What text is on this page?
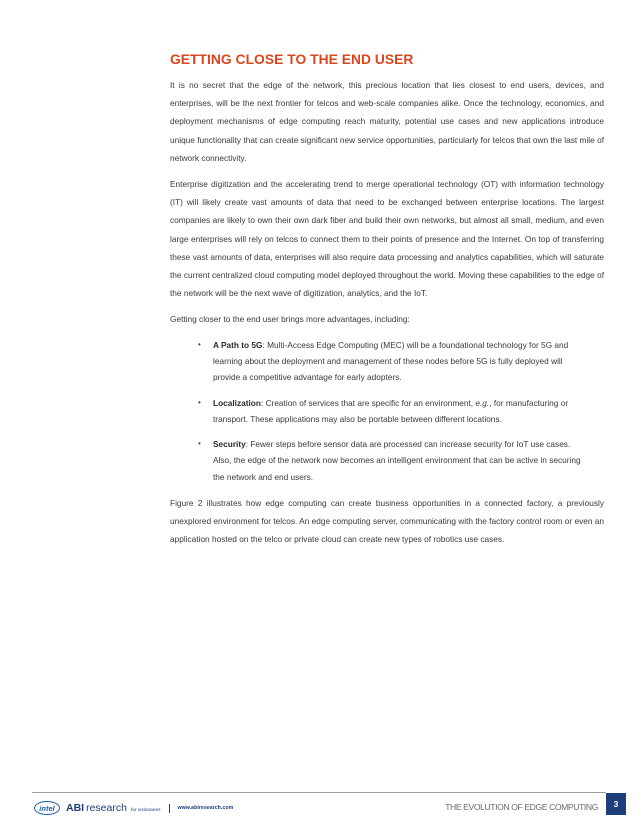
GETTING CLOSE TO THE END USER

It is no secret that the edge of the network, this precious location that lies closest to end users, devices, and enterprises, will be the next frontier for telcos and web-scale companies alike. Once the technology, economics, and deployment mechanisms of edge computing reach maturity, potential use cases and new applications introduce unique functionality that can create significant new service opportunities, particularly for telcos that own the last mile of network connectivity.

Enterprise digitization and the accelerating trend to merge operational technology (OT) with information technology (IT) will likely create vast amounts of data that need to be exchanged between enterprise locations. The largest companies are likely to own their own dark fiber and build their own networks, but almost all small, medium, and even large enterprises will rely on telcos to connect them to their points of presence and the Internet. On top of transferring these vast amounts of data, enterprises will also require data processing and analytics capabilities, which will saturate the current centralized cloud computing model deployed throughout the world. Moving these capabilities to the edge of the network will be the next wave of digitization, analytics, and the IoT.

Getting closer to the end user brings more advantages, including:

• A Path to 5G: Multi-Access Edge Computing (MEC) will be a foundational technology for 5G and learning about the deployment and management of these nodes before 5G is fully deployed will provide a competitive advantage for early adopters.
• Localization: Creation of services that are specific for an environment, e.g., for manufacturing or transport. These applications may also be portable between different locations.
• Security: Fewer steps before sensor data are processed can increase security for IoT use cases. Also, the edge of the network now becomes an intelligent environment that can be active in securing the network and end users.

Figure 2 illustrates how edge computing can create business opportunities in a connected factory, a previously unexplored environment for telcos. An edge computing server, communicating with the factory control room or even an application hosted on the telco or private cloud can create new types of robotics use cases.

intel	ABI research for visionaries	www.abiresearch.com	THE EVOLUTION OF EDGE COMPUTING	3
